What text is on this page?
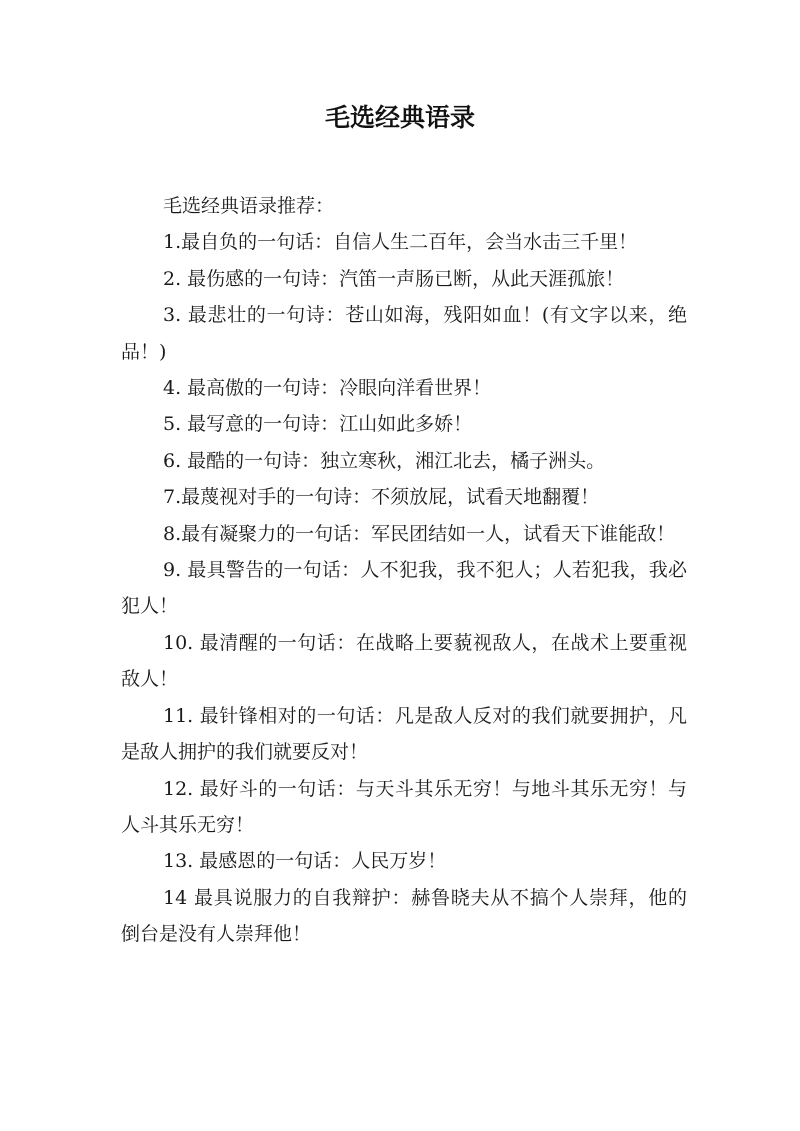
毛选经典语录

毛选经典语录推荐：

1.最自负的一句话：自信人生二百年，会当水击三千里！

2. 最伤感的一句诗：汽笛一声肠已断，从此天涯孤旅！

3. 最悲壮的一句诗：苍山如海，残阳如血！(有文字以来，绝品！)

4. 最高傲的一句诗：冷眼向洋看世界！

5. 最写意的一句诗：江山如此多娇！

6. 最酷的一句诗：独立寒秋，湘江北去，橘子洲头。

7.最蔑视对手的一句诗：不须放屁，试看天地翻覆！

8.最有凝聚力的一句话：军民团结如一人，试看天下谁能敌！

9. 最具警告的一句话：人不犯我，我不犯人；人若犯我，我必犯人！

10. 最清醒的一句话：在战略上要藐视敌人，在战术上要重视敌人！

11. 最针锋相对的一句话：凡是敌人反对的我们就要拥护，凡是敌人拥护的我们就要反对！

12. 最好斗的一句话：与天斗其乐无穷！与地斗其乐无穷！与人斗其乐无穷！

13. 最感恩的一句话：人民万岁！

14 最具说服力的自我辩护：赫鲁晓夫从不搞个人崇拜，他的倒台是没有人崇拜他！
